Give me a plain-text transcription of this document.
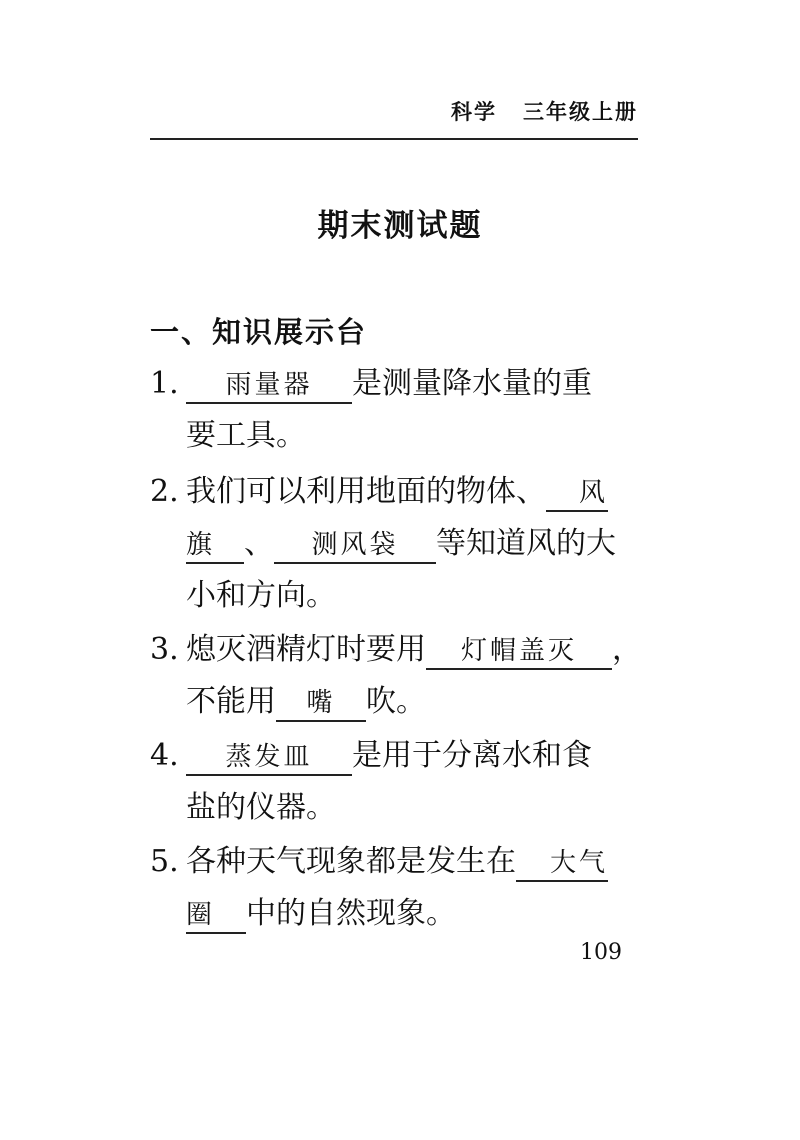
科学 三年级上册
期末测试题
一、知识展示台
1. 雨量器 是测量降水量的重
要工具。
2. 我们可以利用地面的物体、 风
旗 、 测风袋 等知道风的大
小和方向。
3. 熄灭酒精灯时要用 灯帽盖灭 ，
不能用 嘴 吹。
4. 蒸发皿 是用于分离水和食
盐的仪器。
5. 各种天气现象都是发生在 大气
圈 中的自然现象。
109
